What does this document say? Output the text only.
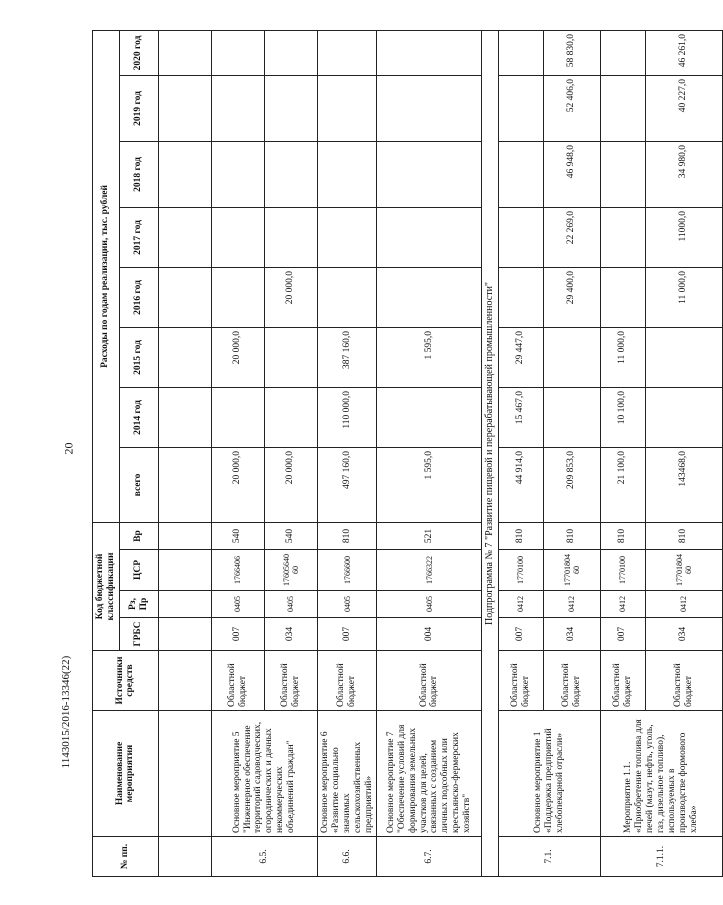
20
1143015/2016-13346(22)
№ пп.	Наименование мероприятия	Источники средств	Код бюджетной классификации				Расходы по годам реализации, тыс. рублей							
			ГРБС	Рз, Пр	ЦСР	Вр	всего	2014 год	2015 год	2016 год	2017 год	2018 год	2019 год	2020 год

6.5.	Основное мероприятие 5 "Инженерное обеспечение территорий садоводческих, огороднических и дачных некоммерческих объединений граждан"	Областной бюджет	007	0405	1766406	540	20 000,0		20 000,0					
		Областной бюджет	034	0405	1760564060	540	20 000,0			20 000,0				
6.6.	Основное мероприятие 6 «Развитие социально значимых сельскохозяйственных предприятий»	Областной бюджет	007	0405	1766600	810	497 160,0	110 000,0	387 160,0					
6.7.	Основное мероприятие 7 "Обеспечение условий для формирования земельных участков для целей, связанных с созданием личных подсобных или крестьянско-фермерских хозяйств"	Областной бюджет	004	0405	1766322	521	1 595,0		1 595,0					
Подпрограмма № 7 "Развитие пищевой и перерабатывающей промышленности"														
7.1.	Основное мероприятие 1 «Поддержка предприятий хлебопекарной отрасли»	Областной бюджет	007	0412	1770100	810	44 914,0	15 467,0	29 447,0					
		Областной бюджет	034	0412	1770180460	810	209 853,0			29 400,0	22 269,0	46 948,0	52 406,0	58 830,0
7.1.1.	Мероприятие 1.1. «Приобретение топлива для печей (мазут, нефть, уголь, газ, дизельное топливо), используемых в производстве формового хлеба»	Областной бюджет	007	0412	1770100	810	21 100,0	10 100,0	11 000,0					
		Областной бюджет	034	0412	1770180460	810	143468,0			11 000,0	11000,0	34 980,0	40 227,0	46 261,0
